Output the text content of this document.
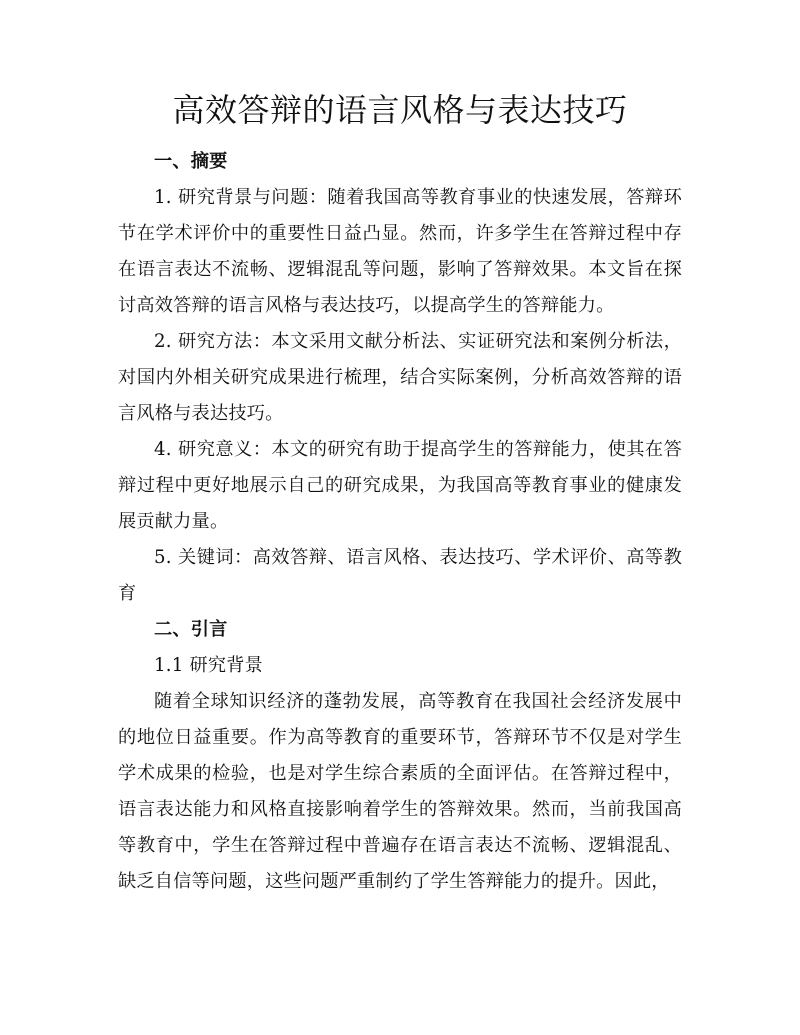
高效答辩的语言风格与表达技巧

一、摘要

1. 研究背景与问题：随着我国高等教育事业的快速发展，答辩环节在学术评价中的重要性日益凸显。然而，许多学生在答辩过程中存在语言表达不流畅、逻辑混乱等问题，影响了答辩效果。本文旨在探讨高效答辩的语言风格与表达技巧，以提高学生的答辩能力。

2. 研究方法：本文采用文献分析法、实证研究法和案例分析法，对国内外相关研究成果进行梳理，结合实际案例，分析高效答辩的语言风格与表达技巧。

4. 研究意义：本文的研究有助于提高学生的答辩能力，使其在答辩过程中更好地展示自己的研究成果，为我国高等教育事业的健康发展贡献力量。

5. 关键词：高效答辩、语言风格、表达技巧、学术评价、高等教育

二、引言

1.1 研究背景

随着全球知识经济的蓬勃发展，高等教育在我国社会经济发展中的地位日益重要。作为高等教育的重要环节，答辩环节不仅是对学生学术成果的检验，也是对学生综合素质的全面评估。在答辩过程中，语言表达能力和风格直接影响着学生的答辩效果。然而，当前我国高等教育中，学生在答辩过程中普遍存在语言表达不流畅、逻辑混乱、缺乏自信等问题，这些问题严重制约了学生答辩能力的提升。因此，
